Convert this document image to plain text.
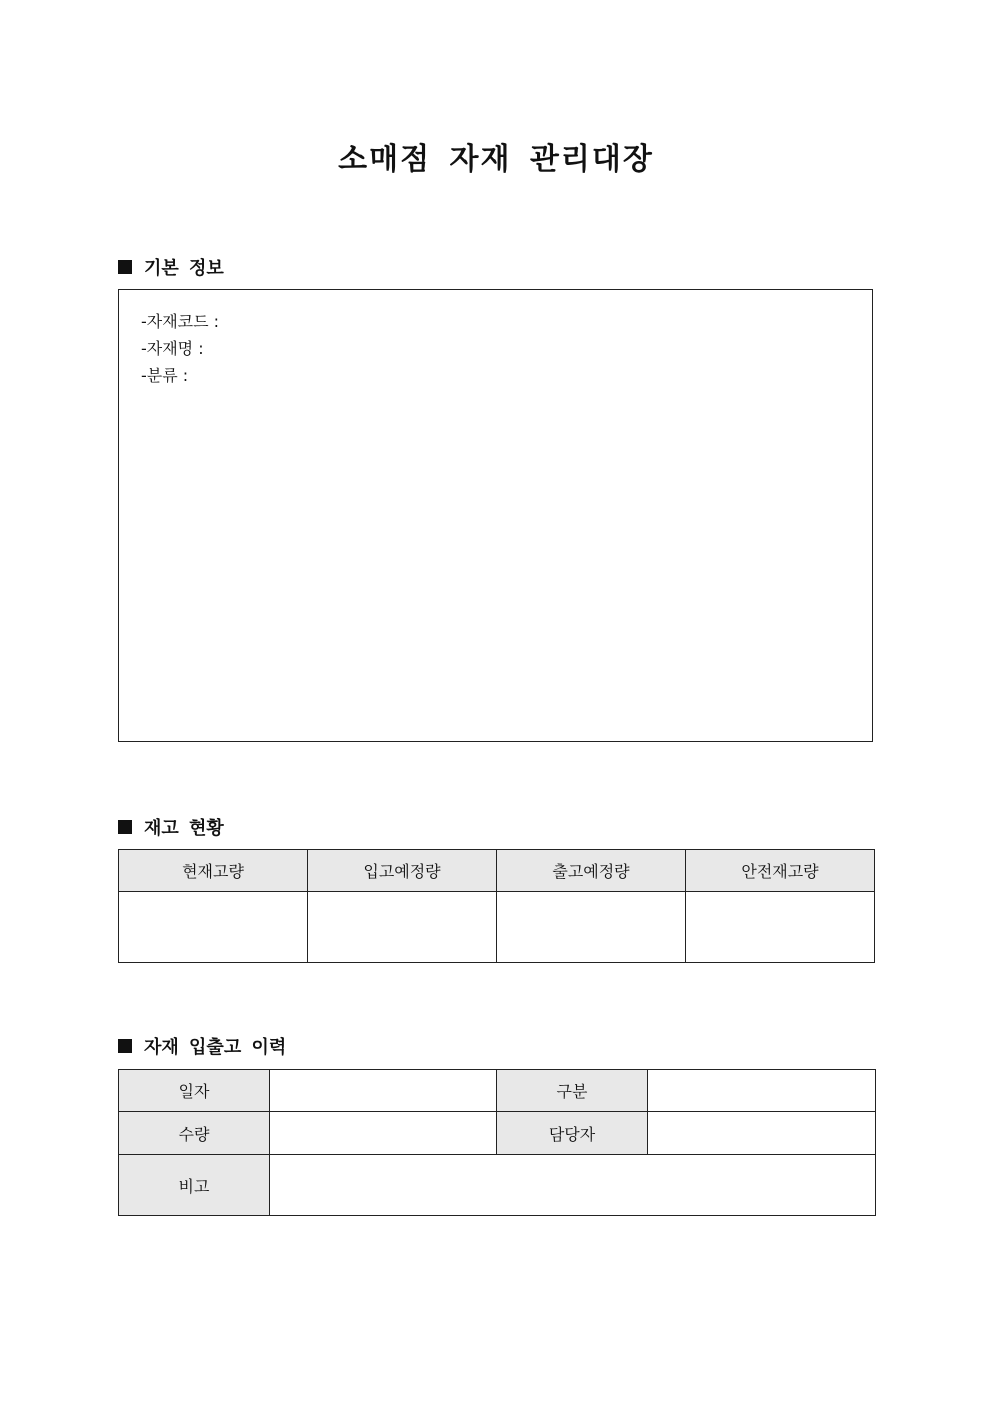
소매점 자재 관리대장
기본 정보
-자재코드 :
-자재명 :
-분류 :
재고 현황
현재고량	입고예정량	출고예정량	안전재고량

자재 입출고 이력
일자		구분	
수량		담당자	
비고			
